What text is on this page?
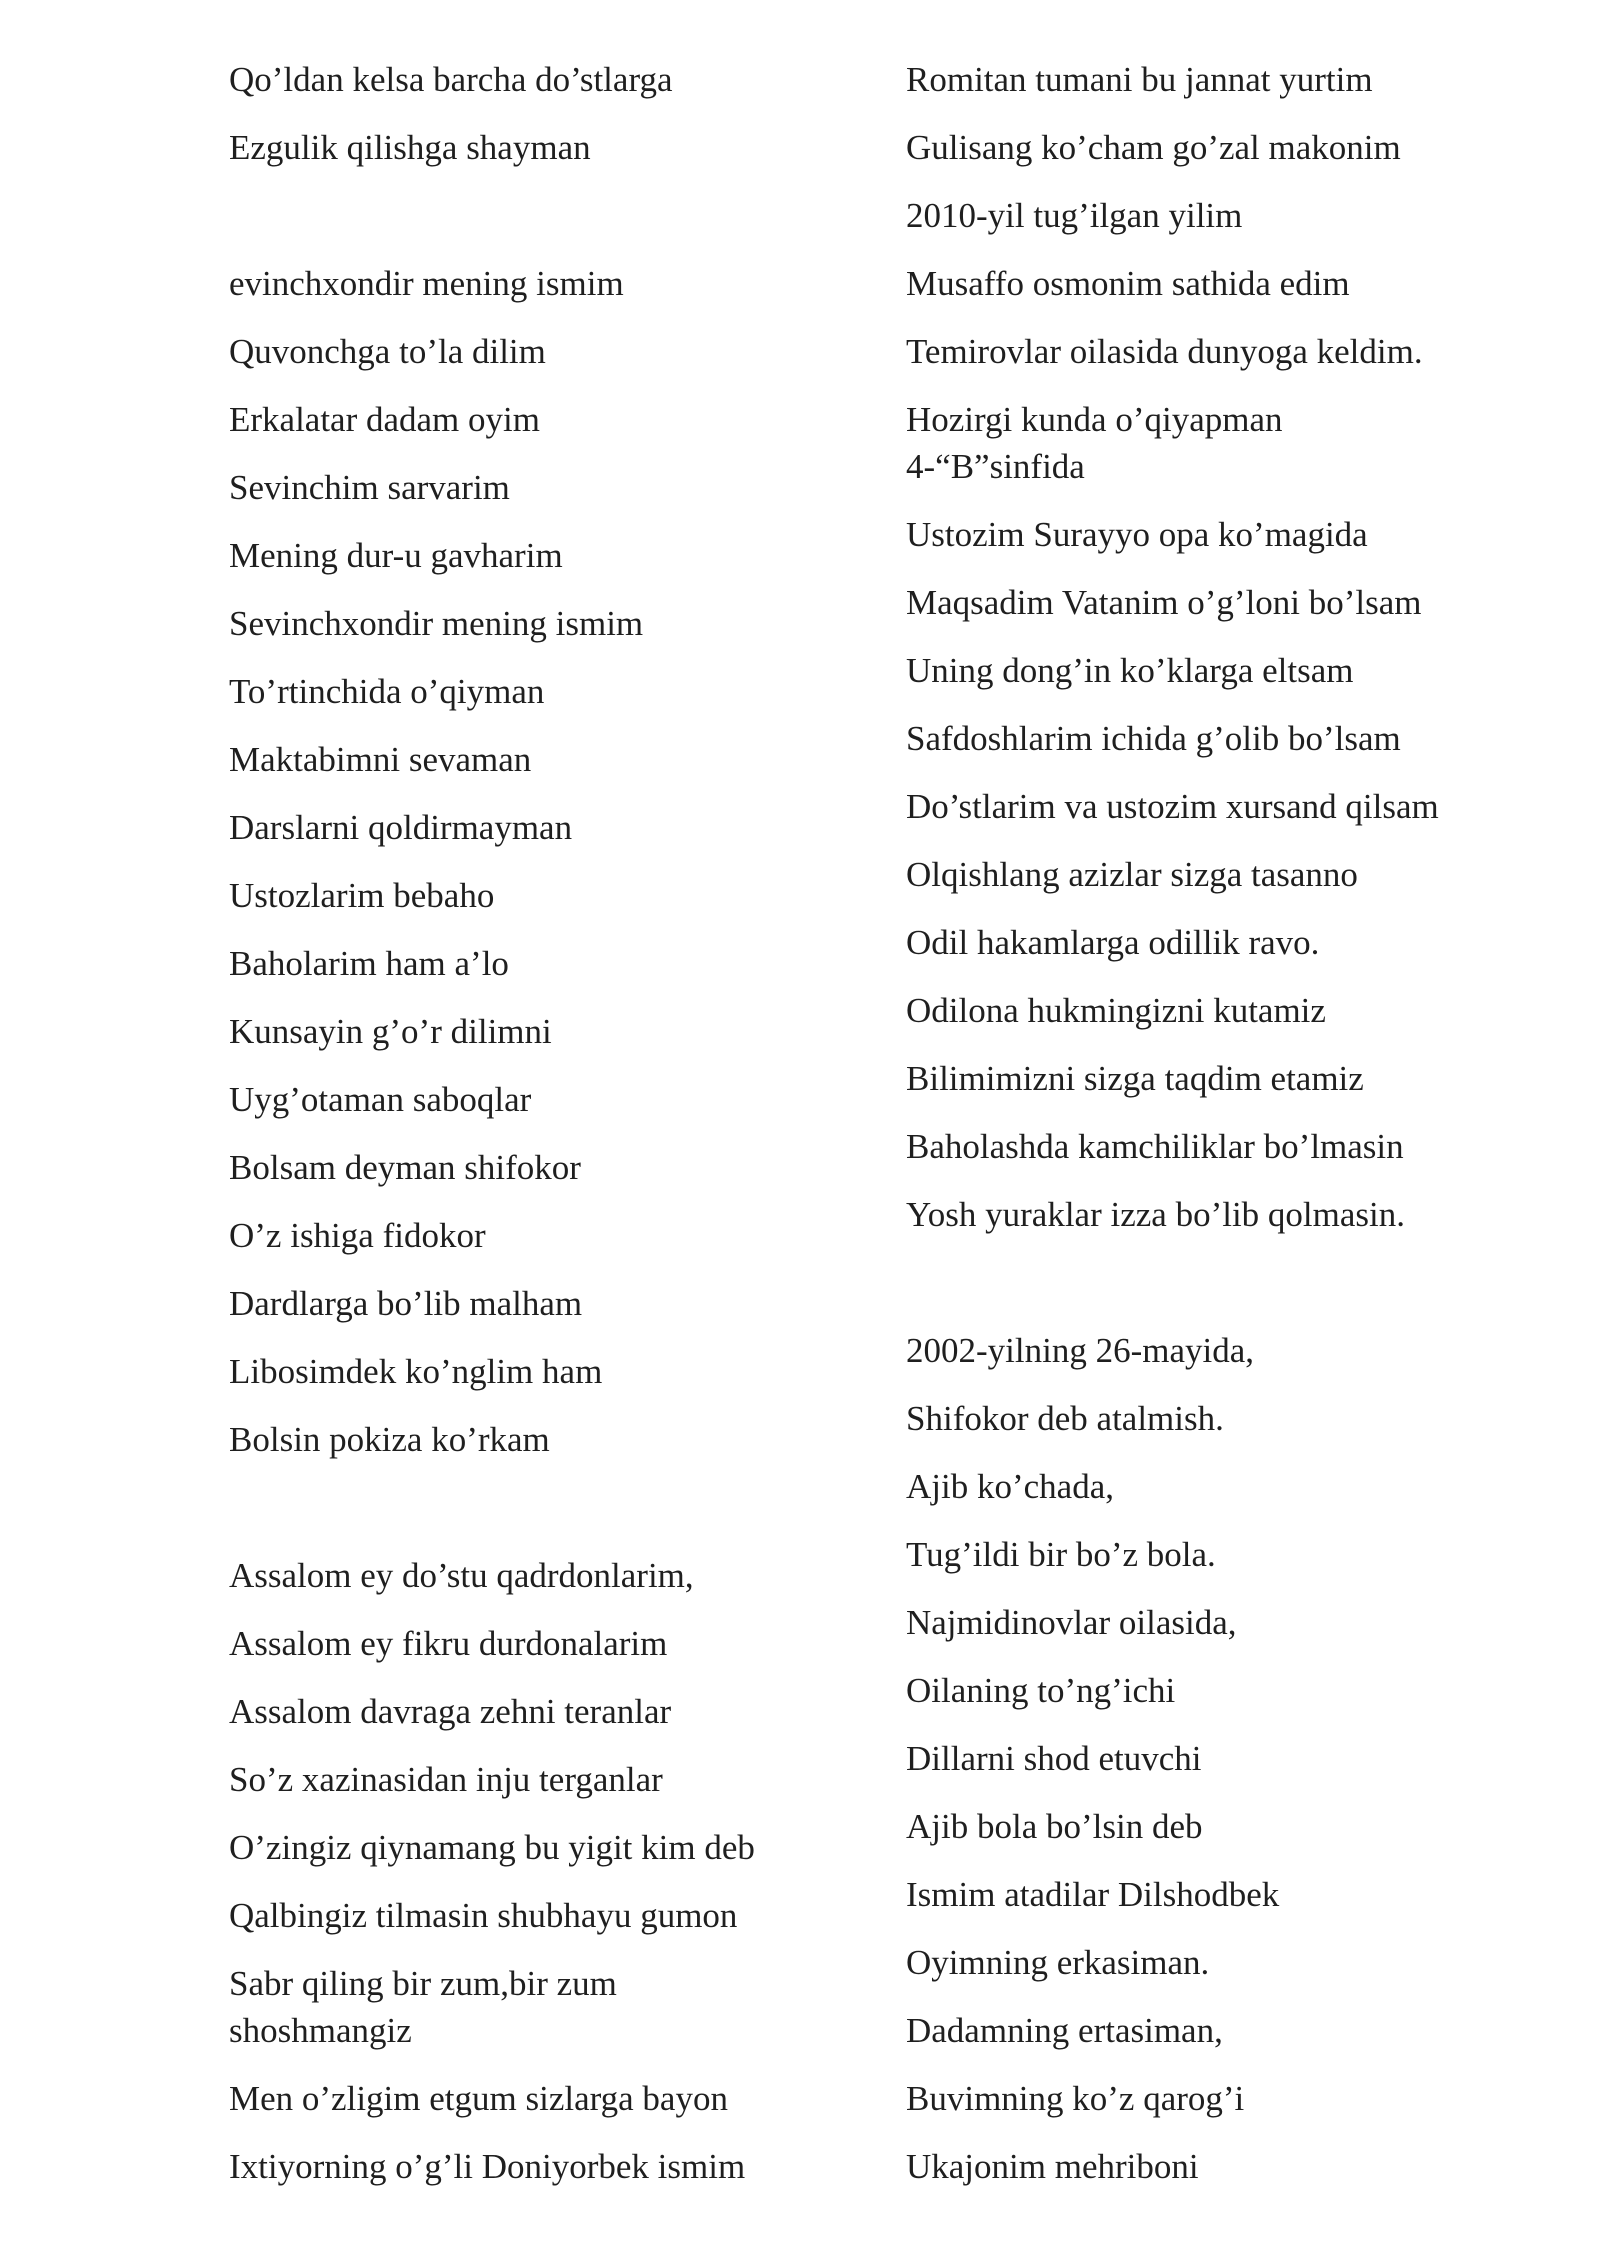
Qo’ldan kelsa barcha do’stlarga
Ezgulik qilishga shayman
evinchxondir mening ismim
Quvonchga to’la dilim
Erkalatar dadam oyim
Sevinchim sarvarim
Mening dur-u gavharim
Sevinchxondir mening ismim
To’rtinchida o’qiyman
Maktabimni sevaman
Darslarni qoldirmayman
Ustozlarim bebaho
Baholarim ham a’lo
Kunsayin g’o’r dilimni
Uyg’otaman saboqlar
Bolsam deyman shifokor
O’z ishiga fidokor
Dardlarga bo’lib malham
Libosimdek ko’nglim ham
Bolsin pokiza ko’rkam
Assalom ey do’stu qadrdonlarim,
Assalom ey fikru durdonalarim
Assalom davraga zehni teranlar
So’z xazinasidan inju terganlar
O’zingiz qiynamang bu yigit kim deb
Qalbingiz tilmasin shubhayu gumon
Sabr qiling bir zum,bir zum shoshmangiz
Men o’zligim etgum sizlarga bayon
Ixtiyorning o’g’li Doniyorbek ismim
Romitan tumani bu jannat yurtim
Gulisang ko’cham go’zal makonim
2010-yil tug’ilgan yilim
Musaffo osmonim sathida edim
Temirovlar oilasida dunyoga keldim.
Hozirgi kunda o’qiyapman 4-“B”sinfida
Ustozim Surayyo opa ko’magida
Maqsadim Vatanim o’g’loni bo’lsam
Uning dong’in ko’klarga eltsam
Safdoshlarim ichida g’olib bo’lsam
Do’stlarim va ustozim xursand qilsam
Olqishlang azizlar sizga tasanno
Odil hakamlarga odillik ravo.
Odilona hukmingizni kutamiz
Bilimimizni sizga taqdim etamiz
Baholashda kamchiliklar bo’lmasin
Yosh yuraklar izza bo’lib qolmasin.
2002-yilning 26-mayida,
Shifokor deb atalmish.
Ajib ko’chada,
Tug’ildi bir bo’z bola.
Najmidinovlar oilasida,
Oilaning to’ng’ichi
Dillarni shod etuvchi
Ajib bola bo’lsin deb
Ismim atadilar Dilshodbek
Oyimning erkasiman.
Dadamning ertasiman,
Buvimning ko’z qarog’i
Ukajonim mehriboni
